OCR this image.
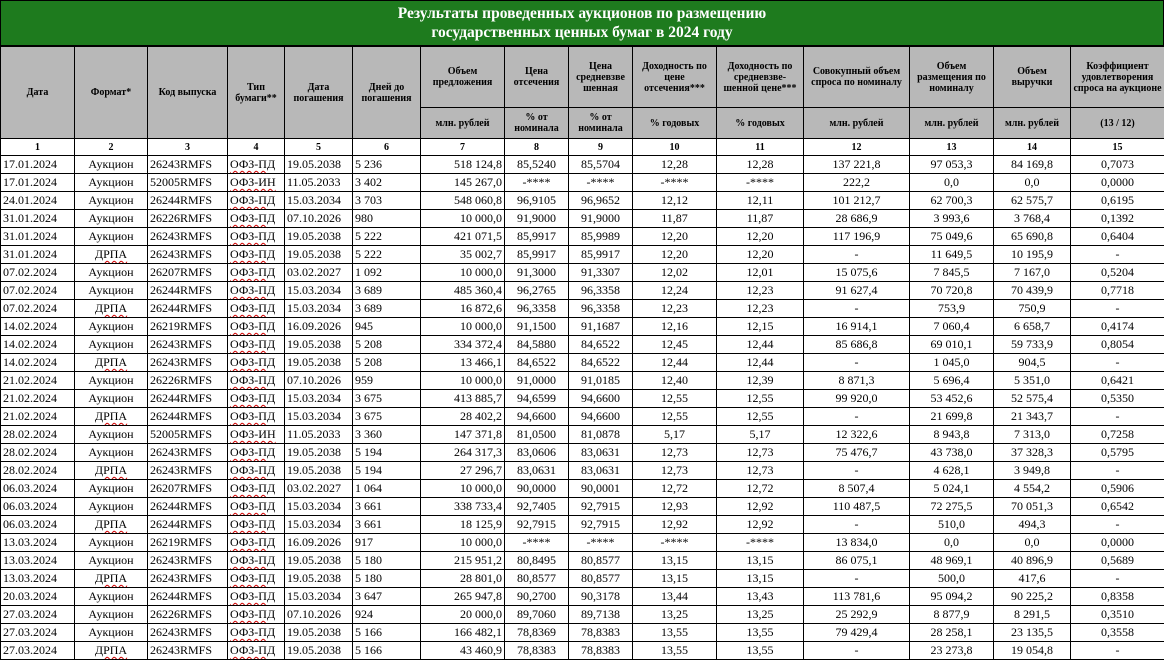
Результаты проведенных аукционов по размещению
государственных ценных бумаг в 2024 году
Дата	Формат*	Код выпуска	Тип бумаги**	Дата погашения	Дней до погашения	Объем предложения	Цена отсечения	Цена средневзве шенная	Доходность по цене отсечения***	Доходность по средневзве-шенной цене***	Совокупный объем спроса по номиналу	Объем размещения по номиналу	Объем выручки	Коэффициент удовлетворения спроса на аукционе
						млн. рублей	% от номинала	% от номинала	% годовых	% годовых	млн. рублей	млн. рублей	млн. рублей	(13 / 12)
1	2	3	4	5	6	7	8	9	10	11	12	13	14	15
17.01.2024	Аукцион	26243RMFS	ОФЗ-ПД	19.05.2038	5 236	518 124,8	85,5240	85,5704	12,28	12,28	137 221,8	97 053,3	84 169,8	0,7073
17.01.2024	Аукцион	52005RMFS	ОФЗ-ИН	11.05.2033	3 402	145 267,0	-****	-****	-****	-****	222,2	0,0	0,0	0,0000
24.01.2024	Аукцион	26244RMFS	ОФЗ-ПД	15.03.2034	3 703	548 060,8	96,9105	96,9652	12,12	12,11	101 212,7	62 700,3	62 575,7	0,6195
31.01.2024	Аукцион	26226RMFS	ОФЗ-ПД	07.10.2026	980	10 000,0	91,9000	91,9000	11,87	11,87	28 686,9	3 993,6	3 768,4	0,1392
31.01.2024	Аукцион	26243RMFS	ОФЗ-ПД	19.05.2038	5 222	421 071,5	85,9917	85,9989	12,20	12,20	117 196,9	75 049,6	65 690,8	0,6404
31.01.2024	ДРПА	26243RMFS	ОФЗ-ПД	19.05.2038	5 222	35 002,7	85,9917	85,9917	12,20	12,20	-	11 649,5	10 195,9	-
07.02.2024	Аукцион	26207RMFS	ОФЗ-ПД	03.02.2027	1 092	10 000,0	91,3000	91,3307	12,02	12,01	15 075,6	7 845,5	7 167,0	0,5204
07.02.2024	Аукцион	26244RMFS	ОФЗ-ПД	15.03.2034	3 689	485 360,4	96,2765	96,3358	12,24	12,23	91 627,4	70 720,8	70 439,9	0,7718
07.02.2024	ДРПА	26244RMFS	ОФЗ-ПД	15.03.2034	3 689	16 872,6	96,3358	96,3358	12,23	12,23	-	753,9	750,9	-
14.02.2024	Аукцион	26219RMFS	ОФЗ-ПД	16.09.2026	945	10 000,0	91,1500	91,1687	12,16	12,15	16 914,1	7 060,4	6 658,7	0,4174
14.02.2024	Аукцион	26243RMFS	ОФЗ-ПД	19.05.2038	5 208	334 372,4	84,5880	84,6522	12,45	12,44	85 686,8	69 010,1	59 733,9	0,8054
14.02.2024	ДРПА	26243RMFS	ОФЗ-ПД	19.05.2038	5 208	13 466,1	84,6522	84,6522	12,44	12,44	-	1 045,0	904,5	-
21.02.2024	Аукцион	26226RMFS	ОФЗ-ПД	07.10.2026	959	10 000,0	91,0000	91,0185	12,40	12,39	8 871,3	5 696,4	5 351,0	0,6421
21.02.2024	Аукцион	26244RMFS	ОФЗ-ПД	15.03.2034	3 675	413 885,7	94,6599	94,6600	12,55	12,55	99 920,0	53 452,6	52 575,4	0,5350
21.02.2024	ДРПА	26244RMFS	ОФЗ-ПД	15.03.2034	3 675	28 402,2	94,6600	94,6600	12,55	12,55	-	21 699,8	21 343,7	-
28.02.2024	Аукцион	52005RMFS	ОФЗ-ИН	11.05.2033	3 360	147 371,8	81,0500	81,0878	5,17	5,17	12 322,6	8 943,8	7 313,0	0,7258
28.02.2024	Аукцион	26243RMFS	ОФЗ-ПД	19.05.2038	5 194	264 317,3	83,0606	83,0631	12,73	12,73	75 476,7	43 738,0	37 328,3	0,5795
28.02.2024	ДРПА	26243RMFS	ОФЗ-ПД	19.05.2038	5 194	27 296,7	83,0631	83,0631	12,73	12,73	-	4 628,1	3 949,8	-
06.03.2024	Аукцион	26207RMFS	ОФЗ-ПД	03.02.2027	1 064	10 000,0	90,0000	90,0001	12,72	12,72	8 507,4	5 024,1	4 554,2	0,5906
06.03.2024	Аукцион	26244RMFS	ОФЗ-ПД	15.03.2034	3 661	338 733,4	92,7405	92,7915	12,93	12,92	110 487,5	72 275,5	70 051,3	0,6542
06.03.2024	ДРПА	26244RMFS	ОФЗ-ПД	15.03.2034	3 661	18 125,9	92,7915	92,7915	12,92	12,92	-	510,0	494,3	-
13.03.2024	Аукцион	26219RMFS	ОФЗ-ПД	16.09.2026	917	10 000,0	-****	-****	-****	-****	13 834,0	0,0	0,0	0,0000
13.03.2024	Аукцион	26243RMFS	ОФЗ-ПД	19.05.2038	5 180	215 951,2	80,8495	80,8577	13,15	13,15	86 075,1	48 969,1	40 896,9	0,5689
13.03.2024	ДРПА	26243RMFS	ОФЗ-ПД	19.05.2038	5 180	28 801,0	80,8577	80,8577	13,15	13,15	-	500,0	417,6	-
20.03.2024	Аукцион	26244RMFS	ОФЗ-ПД	15.03.2034	3 647	265 947,8	90,2700	90,3178	13,44	13,43	113 781,6	95 094,2	90 225,2	0,8358
27.03.2024	Аукцион	26226RMFS	ОФЗ-ПД	07.10.2026	924	20 000,0	89,7060	89,7138	13,25	13,25	25 292,9	8 877,9	8 291,5	0,3510
27.03.2024	Аукцион	26243RMFS	ОФЗ-ПД	19.05.2038	5 166	166 482,1	78,8369	78,8383	13,55	13,55	79 429,4	28 258,1	23 135,5	0,3558
27.03.2024	ДРПА	26243RMFS	ОФЗ-ПД	19.05.2038	5 166	43 460,9	78,8383	78,8383	13,55	13,55	-	23 273,8	19 054,8	-
